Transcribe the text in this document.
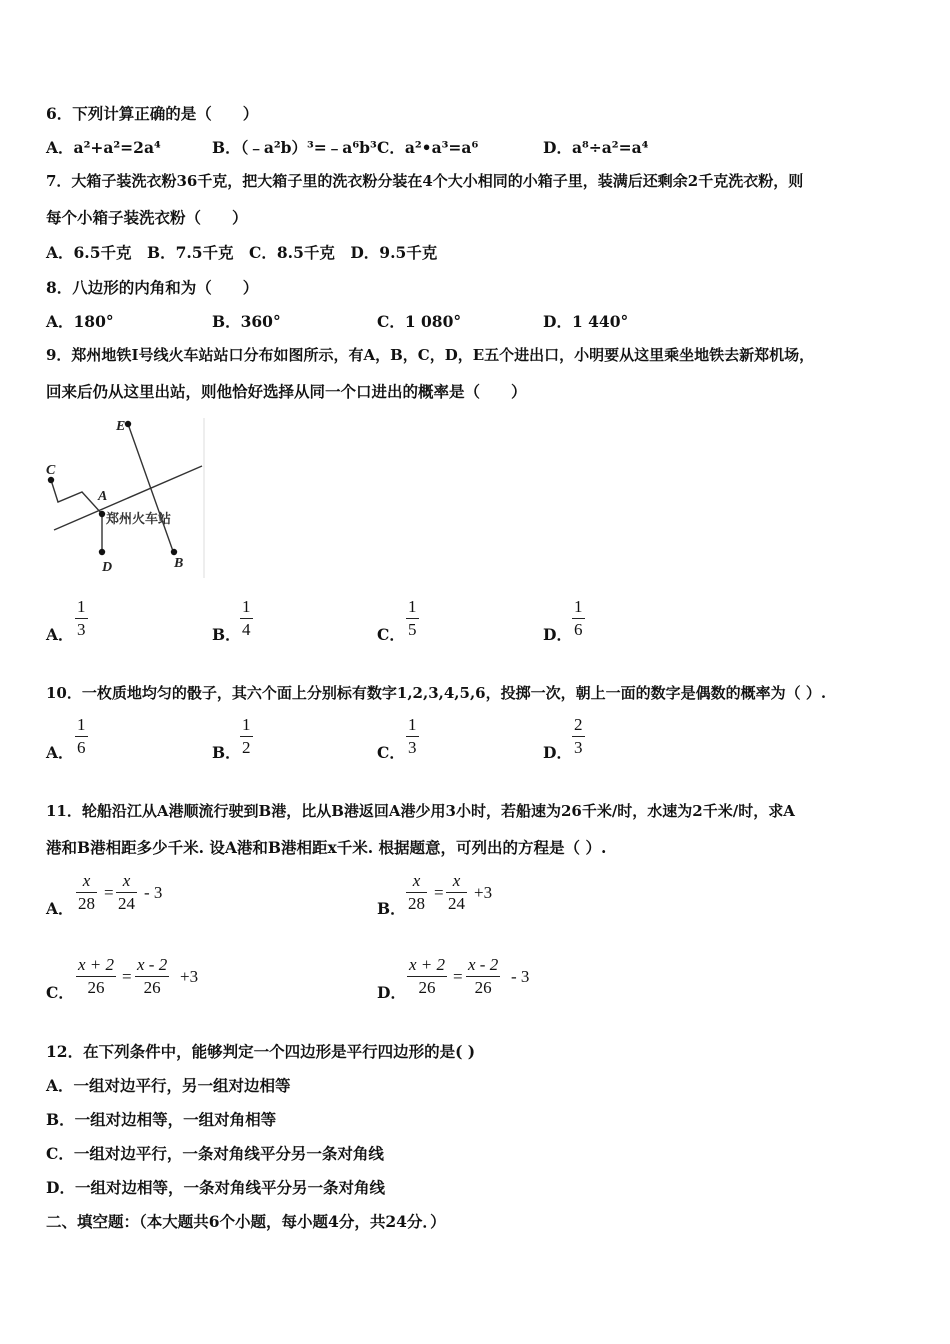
6．下列计算正确的是（　　）
A．a²+a²=2a⁴	B．（﹣a²b）³=﹣a⁶b³ C．a²•a³=a⁶	D．a⁸÷a²=a⁴
7．大箱子装洗衣粉36千克，把大箱子里的洗衣粉分装在4个大小相同的小箱子里，装满后还剩余2千克洗衣粉，则
每个小箱子装洗衣粉（　　）
A．6.5千克　B．7.5千克　C．8.5千克　D．9.5千克
8．八边形的内角和为（　　）
A．180°	B．360°	C．1 080°	D．1 440°
9．郑州地铁Ⅰ号线火车站站口分布如图所示，有A，B，C，D，E五个进出口，小明要从这里乘坐地铁去新郑机场，
回来后仍从这里出站，则他恰好选择从同一个口进出的概率是（　　）
E
C
A
D	B
郑州火车站
A．
1
3	B．
1
4	C．
1
5	D．
1
6
10．一枚质地均匀的骰子，其六个面上分别标有数字1,2,3,4,5,6，投掷一次，朝上一面的数字是偶数的概率为（ ）.
A．
1
6	B．
1
2	C．
1
3	D．
2
3
11．轮船沿江从A港顺流行驶到B港，比从B港返回A港少用3小时，若船速为26千米/时，水速为2千米/时，求A
港和B港相距多少千米. 设A港和B港相距x千米. 根据题意，可列出的方程是（ ）.
A．
x
28
=
x
24
- 3
B．
x
28
=
x
24
+3
C．
x + 2
26
=
x - 2
26
+3
D．
x + 2
26
=
x - 2
26
- 3
12．在下列条件中，能够判定一个四边形是平行四边形的是( )
A．一组对边平行，另一组对边相等
B．一组对边相等，一组对角相等
C．一组对边平行，一条对角线平分另一条对角线
D．一组对边相等，一条对角线平分另一条对角线
二、填空题：（本大题共6个小题，每小题4分，共24分．）
